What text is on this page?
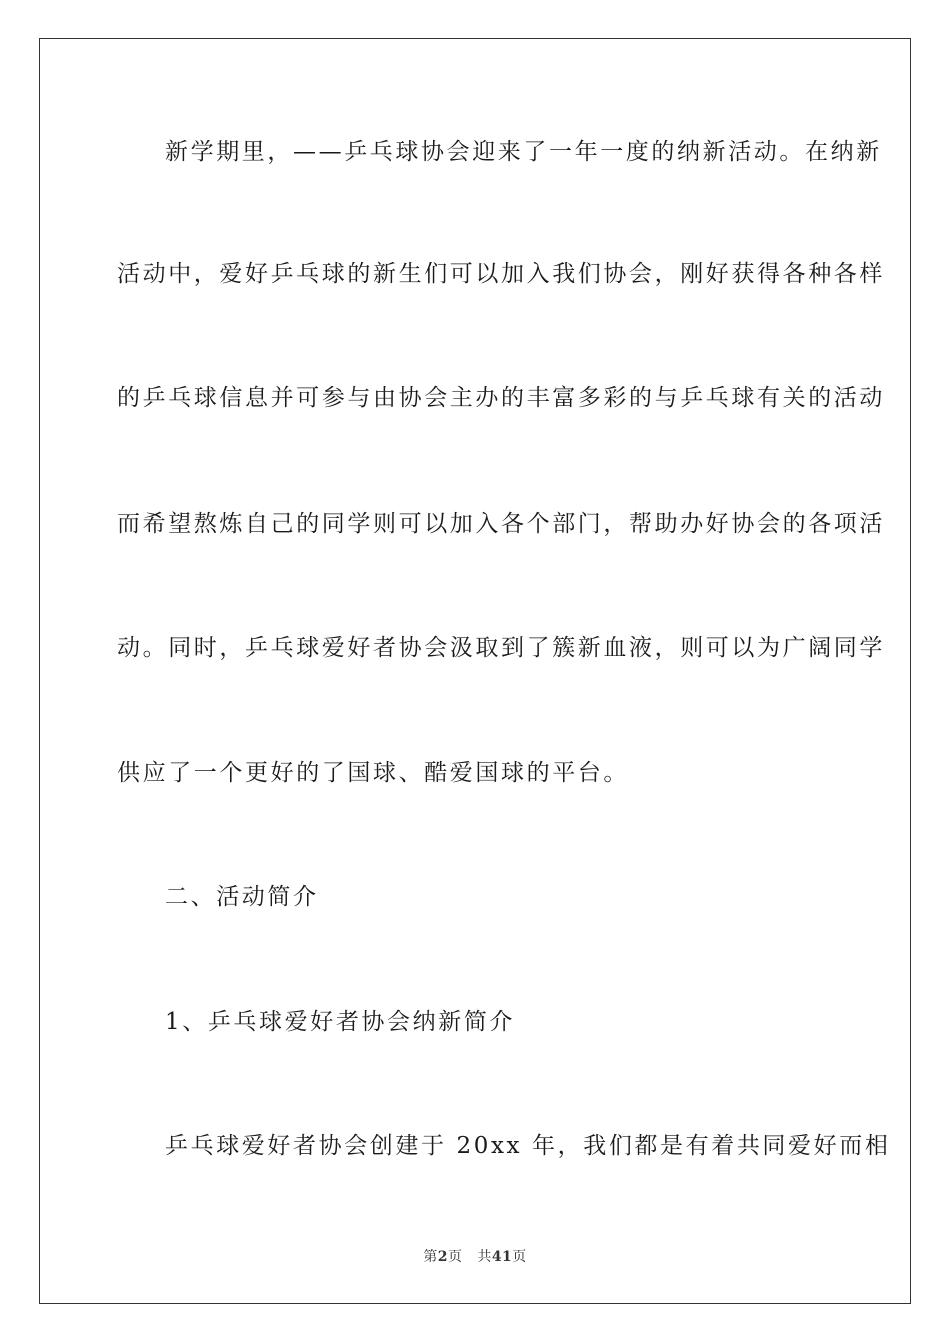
新学期里，——乒乓球协会迎来了一年一度的纳新活动。在纳新
活动中，爱好乒乓球的新生们可以加入我们协会，刚好获得各种各样
的乒乓球信息并可参与由协会主办的丰富多彩的与乒乓球有关的活动
而希望熬炼自己的同学则可以加入各个部门，帮助办好协会的各项活
动。同时，乒乓球爱好者协会汲取到了簇新血液，则可以为广阔同学
供应了一个更好的了国球、酷爱国球的平台。
二、活动简介
1、乒乓球爱好者协会纳新简介
乒乓球爱好者协会创建于 20xx 年，我们都是有着共同爱好而相
第2页 共41页
